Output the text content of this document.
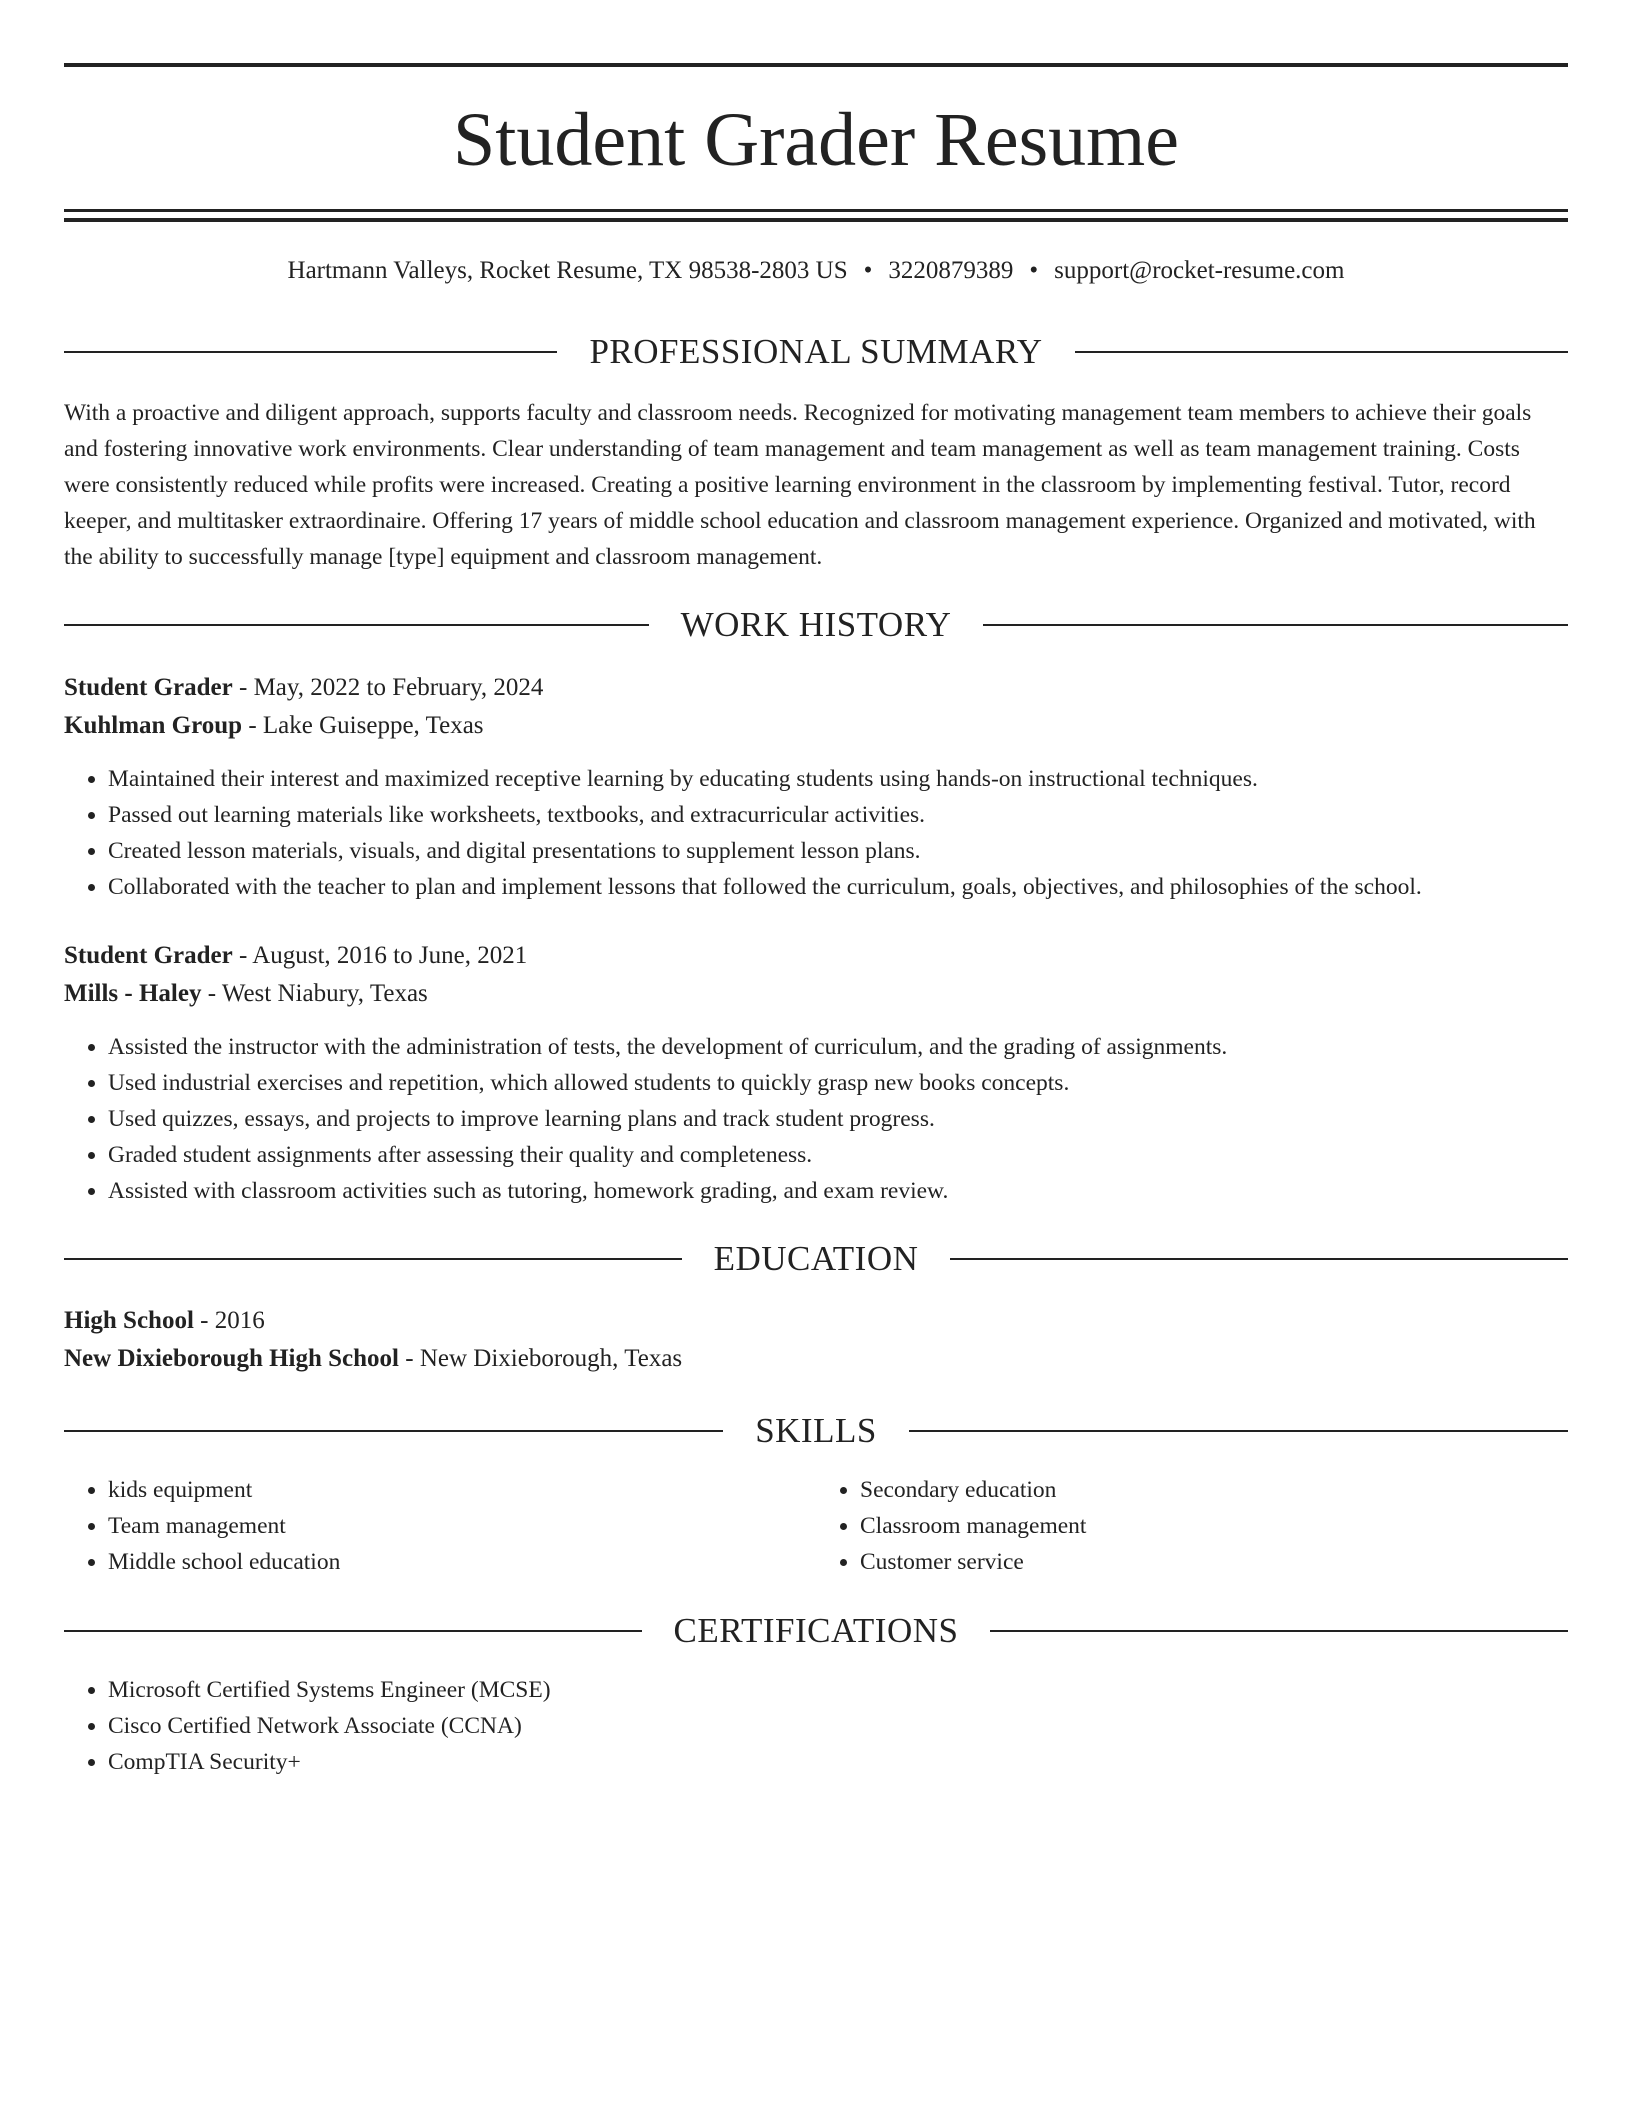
Student Grader Resume
Hartmann Valleys, Rocket Resume, TX 98538-2803 US • 3220879389 • support@rocket-resume.com
PROFESSIONAL SUMMARY

With a proactive and diligent approach, supports faculty and classroom needs. Recognized for motivating management team members to achieve their goals and fostering innovative work environments. Clear understanding of team management and team management as well as team management training. Costs were consistently reduced while profits were increased. Creating a positive learning environment in the classroom by implementing festival. Tutor, record keeper, and multitasker extraordinaire. Offering 17 years of middle school education and classroom management experience. Organized and motivated, with the ability to successfully manage [type] equipment and classroom management.

WORK HISTORY
Student Grader - May, 2022 to February, 2024
Kuhlman Group - Lake Guiseppe, Texas
• Maintained their interest and maximized receptive learning by educating students using hands-on instructional techniques.
• Passed out learning materials like worksheets, textbooks, and extracurricular activities.
• Created lesson materials, visuals, and digital presentations to supplement lesson plans.
• Collaborated with the teacher to plan and implement lessons that followed the curriculum, goals, objectives, and philosophies of the school.
Student Grader - August, 2016 to June, 2021
Mills - Haley - West Niabury, Texas
• Assisted the instructor with the administration of tests, the development of curriculum, and the grading of assignments.
• Used industrial exercises and repetition, which allowed students to quickly grasp new books concepts.
• Used quizzes, essays, and projects to improve learning plans and track student progress.
• Graded student assignments after assessing their quality and completeness.
• Assisted with classroom activities such as tutoring, homework grading, and exam review.
EDUCATION
High School - 2016
New Dixieborough High School - New Dixieborough, Texas
SKILLS
• kids equipment
• Team management
• Middle school education
• Secondary education
• Classroom management
• Customer service
CERTIFICATIONS
• Microsoft Certified Systems Engineer (MCSE)
• Cisco Certified Network Associate (CCNA)
• CompTIA Security+
